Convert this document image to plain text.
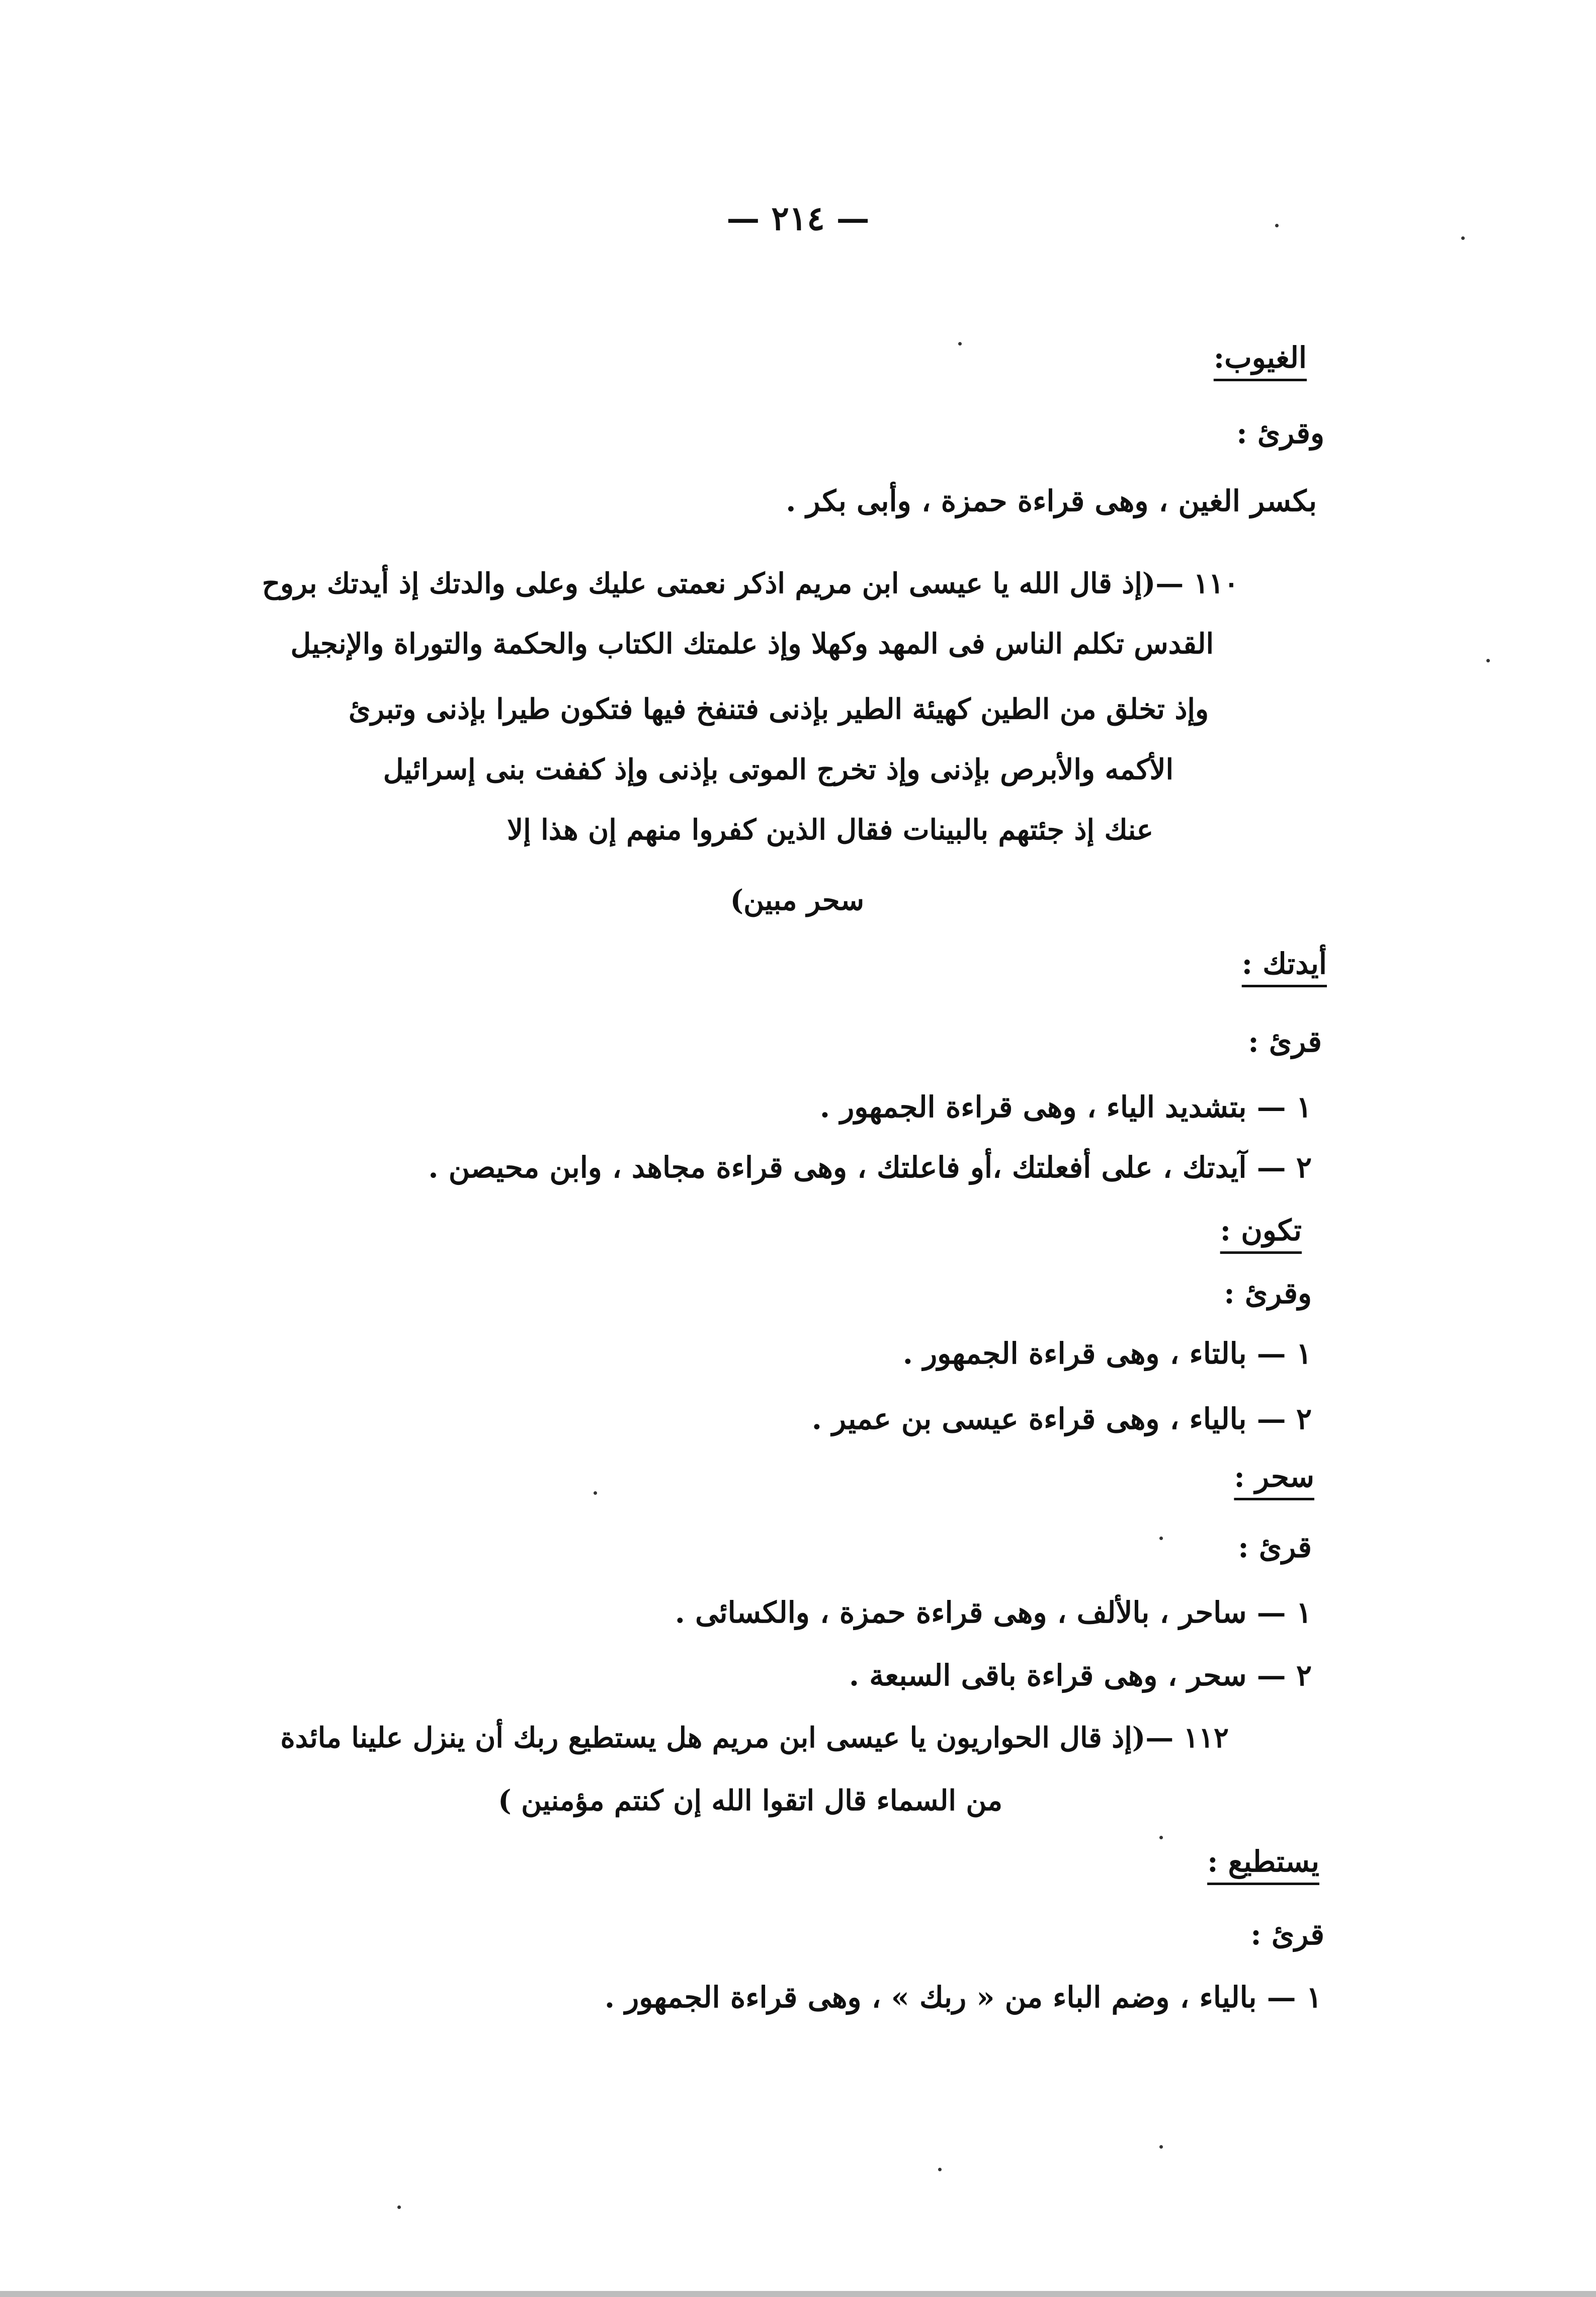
— ٢١٤ —
الغيوب:
وقرئ :
بكسر الغين ، وهى قراءة حمزة ، وأبى بكر .
١١٠ —(إذ قال الله يا عيسى ابن مريم اذكر نعمتى عليك وعلى والدتك إذ أيدتك بروح
القدس تكلم الناس فى المهد وكهلا وإذ علمتك الكتاب والحكمة والتوراة والإنجيل
وإذ تخلق من الطين كهيئة الطير بإذنى فتنفخ فيها فتكون طيرا بإذنى وتبرئ
الأكمه والأبرص بإذنى وإذ تخرج الموتى بإذنى وإذ كففت بنى إسرائيل
عنك إذ جئتهم بالبينات فقال الذين كفروا منهم إن هذا إلا
سحر مبين)
أيدتك :
قرئ :
١ — بتشديد الياء ، وهى قراءة الجمهور .
٢ — آيدتك ، على أفعلتك ،أو فاعلتك ، وهى قراءة مجاهد ، وابن محيصن .
تكون :
وقرئ :
١ — بالتاء ، وهى قراءة الجمهور .
٢ — بالياء ، وهى قراءة عيسى بن عمير .
سحر :
قرئ :
١ — ساحر ، بالألف ، وهى قراءة حمزة ، والكسائى .
٢ — سحر ، وهى قراءة باقى السبعة .
١١٢ —(إذ قال الحواريون يا عيسى ابن مريم هل يستطيع ربك أن ينزل علينا مائدة
من السماء قال اتقوا الله إن كنتم مؤمنين )
يستطيع :
قرئ :
١ — بالياء ، وضم الباء من « ربك » ، وهى قراءة الجمهور .
